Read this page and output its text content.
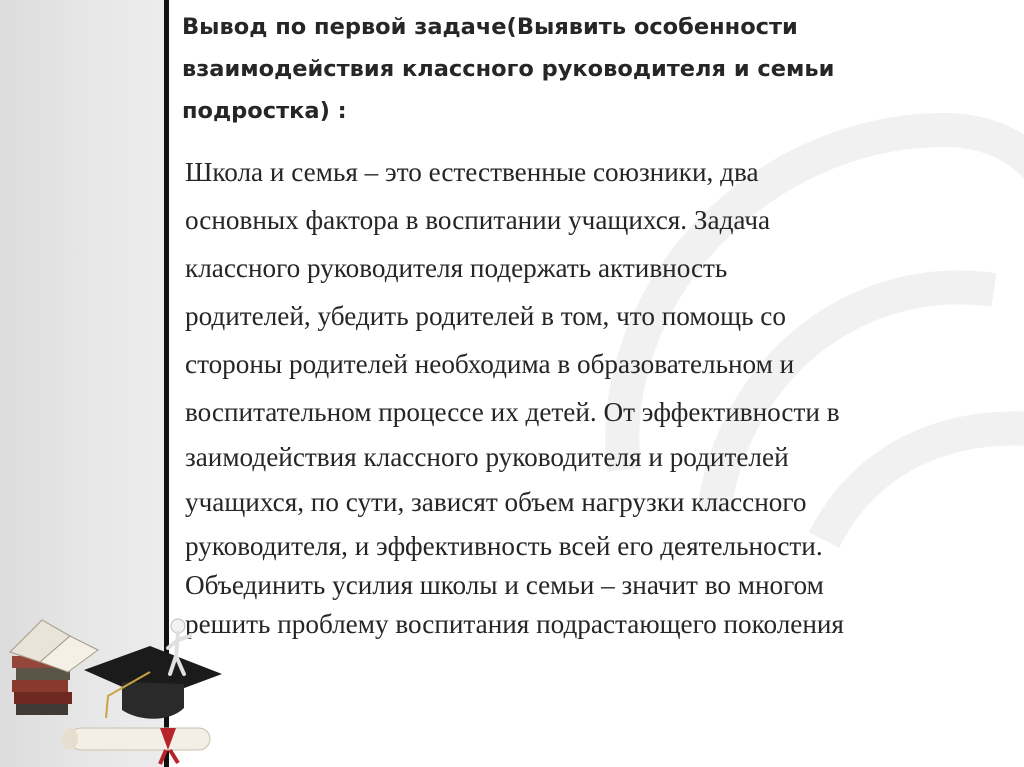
Вывод по первой задаче(Выявить особенности
взаимодействия классного руководителя и семьи
подростка) :
Школа и семья – это естественные союзники, два
основных фактора в воспитании учащихся. Задача
классного руководителя подержать активность
родителей, убедить родителей в том, что помощь со
стороны родителей необходима в образовательном и
воспитательном процессе их детей. От эффективности в
заимодействия классного руководителя и родителей
учащихся, по сути, зависят объем нагрузки классного
руководителя, и эффективность всей его деятельности.
Объединить усилия школы и семьи – значит во многом
решить проблему воспитания подрастающего поколения
